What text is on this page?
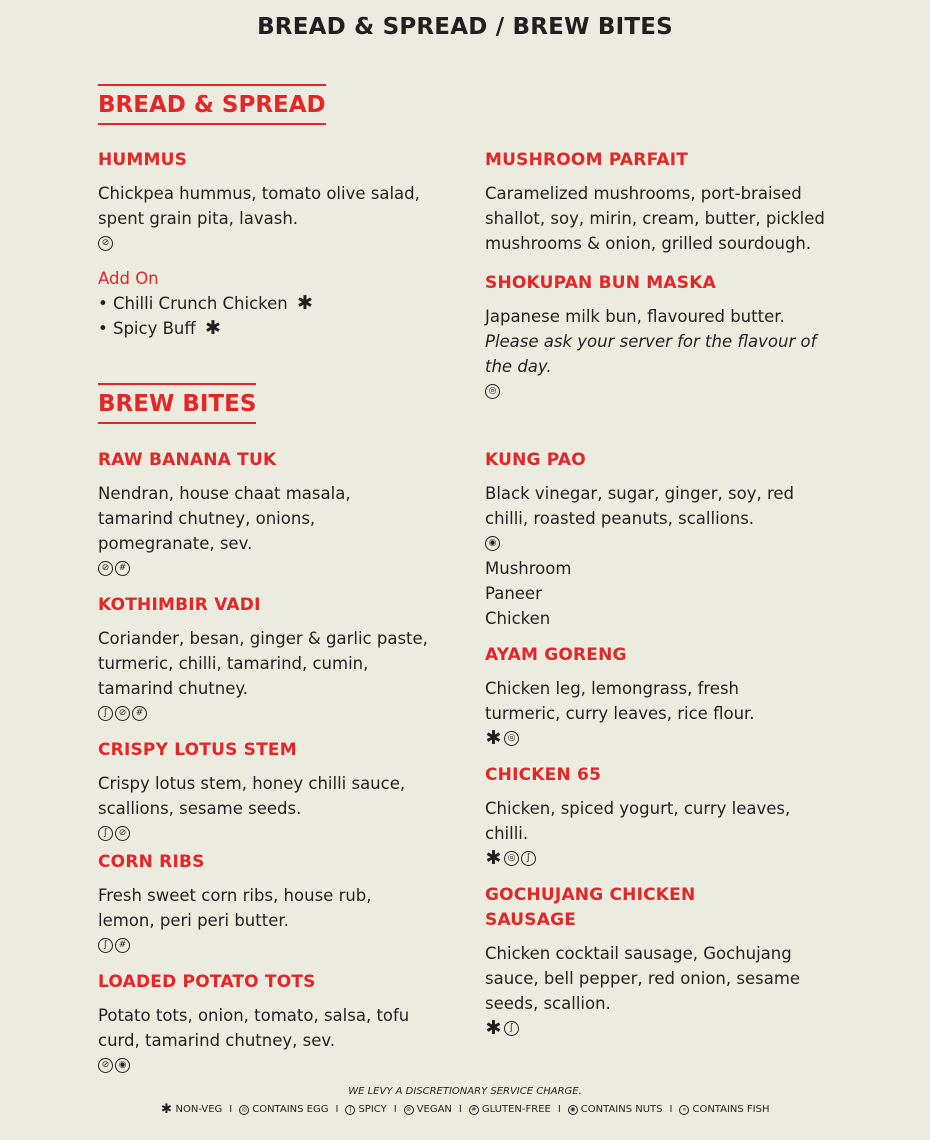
BREAD & SPREAD / BREW BITES
BREAD & SPREAD
HUMMUS
Chickpea hummus, tomato olive salad, spent grain pita, lavash.
⊘
Add On
• Chilli Crunch Chicken ✱
• Spicy Buff ✱
MUSHROOM PARFAIT
Caramelized mushrooms, port-braised shallot, soy, mirin, cream, butter, pickled mushrooms & onion, grilled sourdough.
SHOKUPAN BUN MASKA
Japanese milk bun, flavoured butter.
Please ask your server for the flavour of the day.
◎
BREW BITES
RAW BANANA TUK
Nendran, house chaat masala, tamarind chutney, onions, pomegranate, sev.
⊘	#
KOTHIMBIR VADI
Coriander, besan, ginger & garlic paste, turmeric, chilli, tamarind, cumin, tamarind chutney.
ʃ	⊘	#
CRISPY LOTUS STEM
Crispy lotus stem, honey chilli sauce, scallions, sesame seeds.
ʃ	⊘
CORN RIBS
Fresh sweet corn ribs, house rub, lemon, peri peri butter.
ʃ	#
LOADED POTATO TOTS
Potato tots, onion, tomato, salsa, tofu curd, tamarind chutney, sev.
⊘	◉
KUNG PAO
Black vinegar, sugar, ginger, soy, red chilli, roasted peanuts, scallions.
◉
Mushroom
Paneer
Chicken
AYAM GORENG
Chicken leg, lemongrass, fresh turmeric, curry leaves, rice flour.
✱ ◎
CHICKEN 65
Chicken, spiced yogurt, curry leaves, chilli.
✱ ◎	ʃ
GOCHUJANG CHICKEN SAUSAGE
Chicken cocktail sausage, Gochujang sauce, bell pepper, red onion, sesame seeds, scallion.
✱ ʃ
WE LEVY A DISCRETIONARY SERVICE CHARGE.
✱ NON-VEG I	◎ CONTAINS EGG I	ʃ SPICY I	⊘ VEGAN I	# GLUTEN-FREE I	◉ CONTAINS NUTS I	∝ CONTAINS FISH
